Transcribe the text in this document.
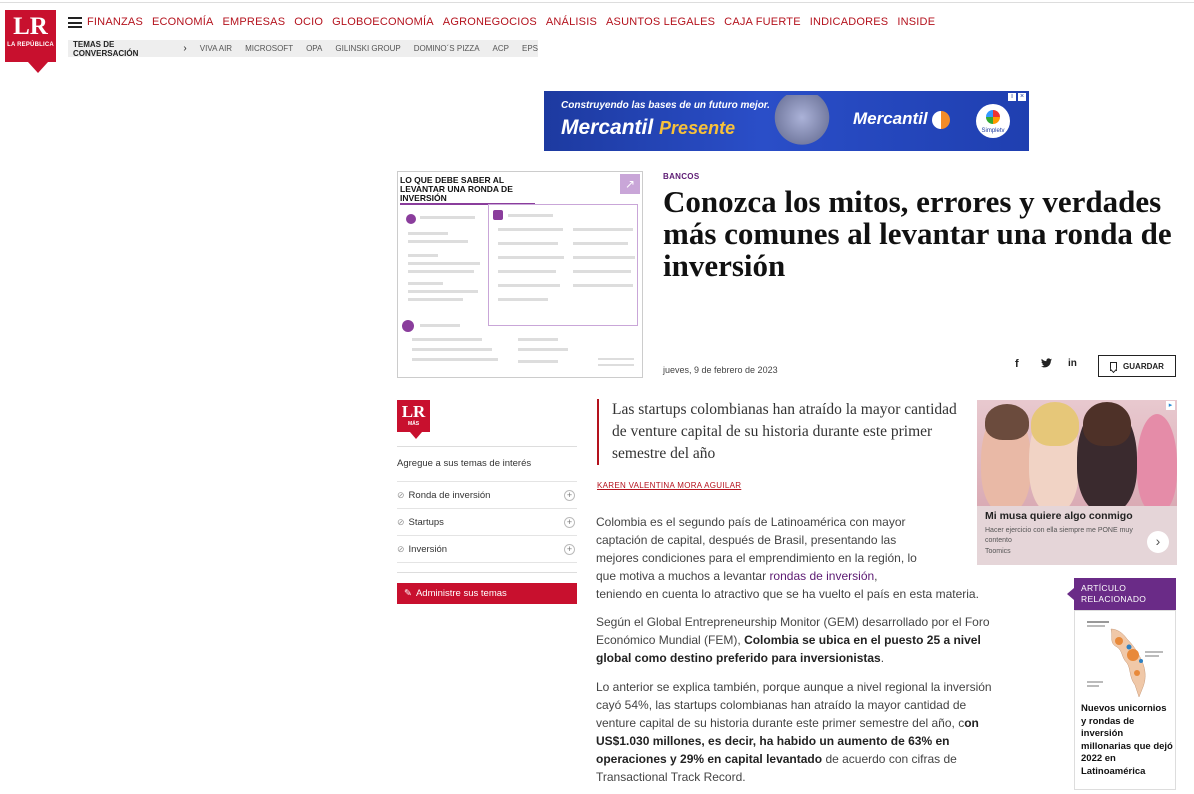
LR
LA REPÚBLICA
FINANZAS ECONOMÍA EMPRESAS OCIO GLOBOECONOMÍA AGRONEGOCIOS ANÁLISIS ASUNTOS LEGALES CAJA FUERTE INDICADORES INSIDE
TEMAS DE CONVERSACIÓN	› VIVA AIR MICROSOFT OPA GILINSKI GROUP DOMINO´S PIZZA ACP EPS
Construyendo las bases de un futuro mejor.
Mercantil Presente	Mercantil
Simpletv
i	×
LO QUE DEBE SABER AL LEVANTAR UNA RONDA DE INVERSIÓN
↗
BANCOS
Conozca los mitos, errores y verdades más comunes al levantar una ronda de inversión
jueves, 9 de febrero de 2023	f	in	GUARDAR
LR
MÁS
Agregue a sus temas de interés
⊘ Ronda de inversión	+
⊘ Startups	+
⊘ Inversión	+
✎ Administre sus temas

Las startups colombianas han atraído la mayor cantidad de venture capital de su historia durante este primer semestre del año

KAREN VALENTINA MORA AGUILAR
Colombia es el segundo país de Latinoamérica con mayor
captación de capital, después de Brasil, presentando las
mejores condiciones para el emprendimiento en la región, lo
que motiva a muchos a levantar rondas de inversión,
teniendo en cuenta lo atractivo que se ha vuelto el país en esta materia.
Según el Global Entrepreneurship Monitor (GEM) desarrollado por el Foro
Económico Mundial (FEM), Colombia se ubica en el puesto 25 a nivel
global como destino preferido para inversionistas.
Lo anterior se explica también, porque aunque a nivel regional la inversión
cayó 54%, las startups colombianas han atraído la mayor cantidad de
venture capital de su historia durante este primer semestre del año, con
US$1.030 millones, es decir, ha habido un aumento de 63% en
operaciones y 29% en capital levantado de acuerdo con cifras de
Transactional Track Record.
Mi musa quiere algo conmigo
Hacer ejercicio con ella siempre me PONE muy contento
Toomics
›
▸
ARTÍCULO RELACIONADO
Nuevos unicornios y rondas de inversión millonarias que dejó 2022 en Latinoamérica
